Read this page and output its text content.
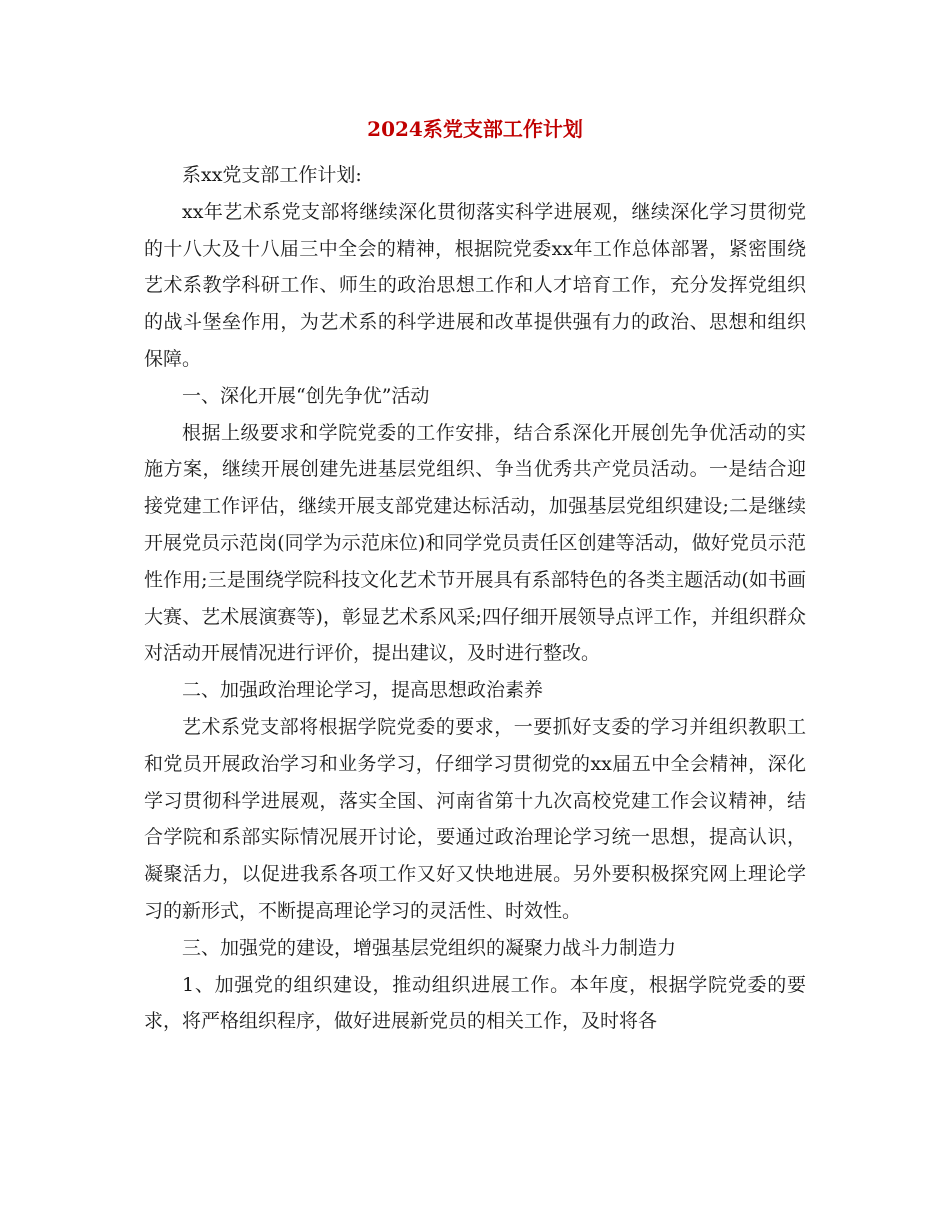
2024系党支部工作计划

系xx党支部工作计划:

xx年艺术系党支部将继续深化贯彻落实科学进展观，继续深化学习贯彻党的十八大及十八届三中全会的精神，根据院党委xx年工作总体部署，紧密围绕艺术系教学科研工作、师生的政治思想工作和人才培育工作，充分发挥党组织的战斗堡垒作用，为艺术系的科学进展和改革提供强有力的政治、思想和组织保障。

一、深化开展“创先争优”活动

根据上级要求和学院党委的工作安排，结合系深化开展创先争优活动的实施方案，继续开展创建先进基层党组织、争当优秀共产党员活动。一是结合迎接党建工作评估，继续开展支部党建达标活动，加强基层党组织建设;二是继续开展党员示范岗(同学为示范床位)和同学党员责任区创建等活动，做好党员示范性作用;三是围绕学院科技文化艺术节开展具有系部特色的各类主题活动(如书画大赛、艺术展演赛等)，彰显艺术系风采;四仔细开展领导点评工作，并组织群众对活动开展情况进行评价，提出建议，及时进行整改。

二、加强政治理论学习，提高思想政治素养

艺术系党支部将根据学院党委的要求，一要抓好支委的学习并组织教职工和党员开展政治学习和业务学习，仔细学习贯彻党的xx届五中全会精神，深化学习贯彻科学进展观，落实全国、河南省第十九次高校党建工作会议精神，结合学院和系部实际情况展开讨论，要通过政治理论学习统一思想，提高认识，凝聚活力，以促进我系各项工作又好又快地进展。另外要积极探究网上理论学习的新形式，不断提高理论学习的灵活性、时效性。

三、加强党的建设，增强基层党组织的凝聚力战斗力制造力

1、加强党的组织建设，推动组织进展工作。本年度，根据学院党委的要求，将严格组织程序，做好进展新党员的相关工作，及时将各
